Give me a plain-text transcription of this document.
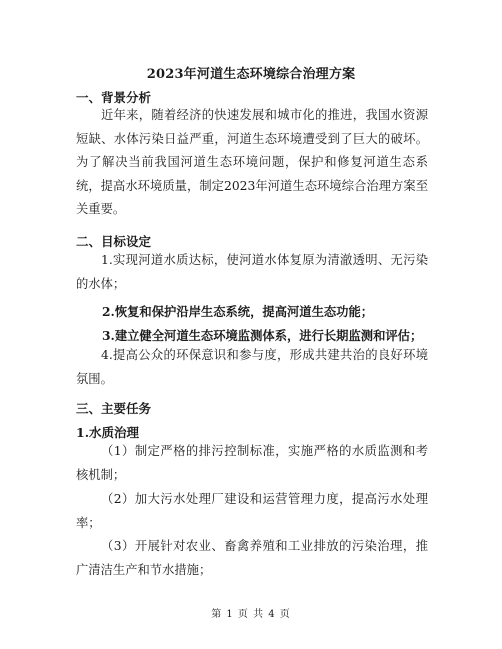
2023年河道生态环境综合治理方案
一、背景分析
近年来，随着经济的快速发展和城市化的推进，我国水资源短缺、水体污染日益严重，河道生态环境遭受到了巨大的破坏。为了解决当前我国河道生态环境问题，保护和修复河道生态系统，提高水环境质量，制定2023年河道生态环境综合治理方案至关重要。
二、目标设定
1.实现河道水质达标，使河道水体复原为清澈透明、无污染的水体；
2.恢复和保护沿岸生态系统，提高河道生态功能；
3.建立健全河道生态环境监测体系，进行长期监测和评估；
4.提高公众的环保意识和参与度，形成共建共治的良好环境氛围。
三、主要任务
1.水质治理
（1）制定严格的排污控制标准，实施严格的水质监测和考核机制；
（2）加大污水处理厂建设和运营管理力度，提高污水处理率；
（3）开展针对农业、畜禽养殖和工业排放的污染治理，推广清洁生产和节水措施；
第 1 页 共 4 页
